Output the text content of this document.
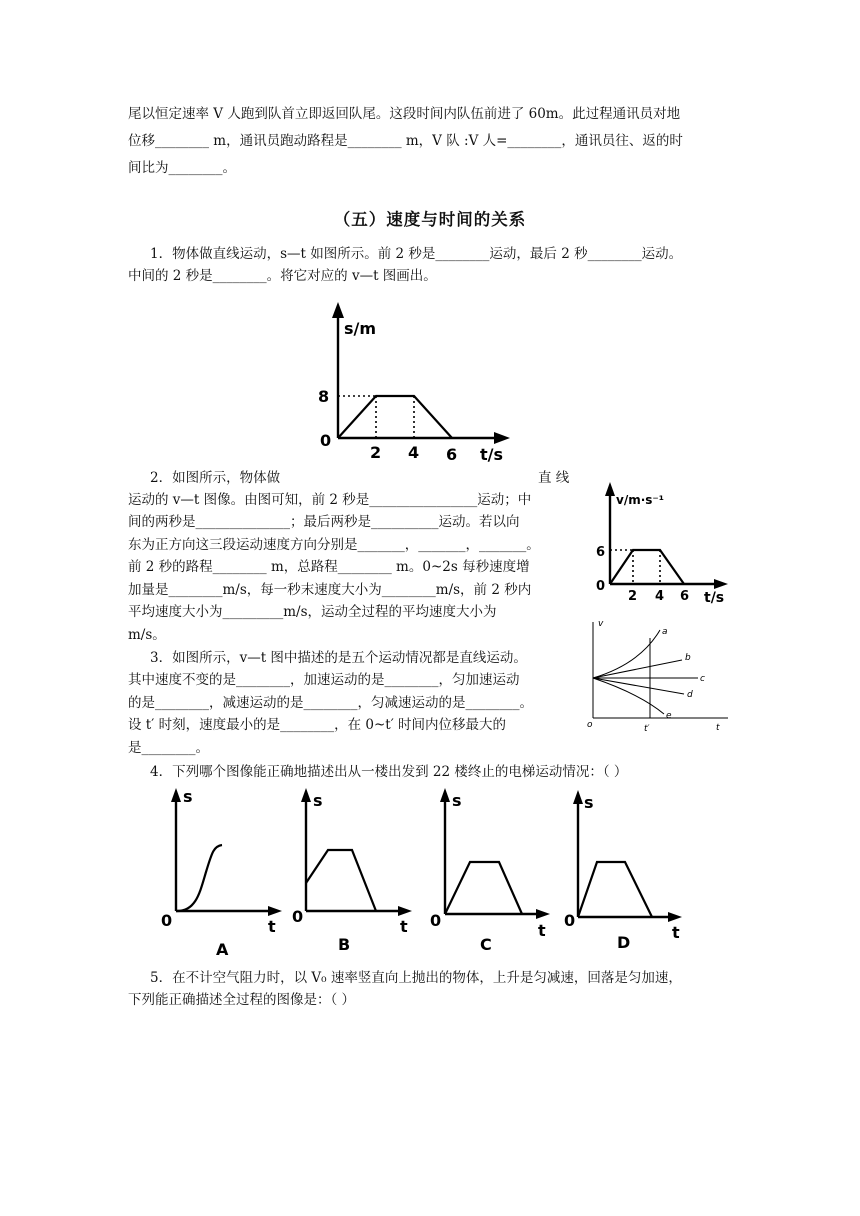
尾以恒定速率 V 人跑到队首立即返回队尾。这段时间内队伍前进了 60m。此过程通讯员对地
位移________ m，通讯员跑动路程是________ m，V 队 :V 人=________，通讯员往、返的时
间比为________。
（五）速度与时间的关系
1．物体做直线运动，s—t 如图所示。前 2 秒是________运动，最后 2 秒________运动。
中间的 2 秒是________。将它对应的 v—t 图画出。
s/m
8
0
2 4 6 t/s
2．如图所示，物体做	直 线
运动的 v—t 图像。由图可知，前 2 秒是________________运动；中
间的两秒是______________；最后两秒是__________运动。若以向
东为正方向这三段运动速度方向分别是_______，_______，_______。
前 2 秒的路程________ m，总路程________ m。0~2s 每秒速度增
加量是________m/s，每一秒末速度大小为________m/s，前 2 秒内
平均速度大小为_________m/s，运动全过程的平均速度大小为
m/s。
v/m·s⁻¹
6
0
2 4 6 t/s
3．如图所示，v—t 图中描述的是五个运动情况都是直线运动。
其中速度不变的是________，加速运动的是________，匀加速运动
的是________，减速运动的是________，匀减速运动的是________。
设 t′ 时刻，速度最小的是________，在 0~t′ 时间内位移最大的
是________。
v
o	t′	t
a
b
c
d
e
4．下列哪个图像能正确地描述出从一楼出发到 22 楼终止的电梯运动情况：（ ）
s
0	t
A
s
0
t
B
s
0
t
C
s
0
t
D
5．在不计空气阻力时，以 V₀ 速率竖直向上抛出的物体，上升是匀减速，回落是匀加速，
下列能正确描述全过程的图像是：（ ）
